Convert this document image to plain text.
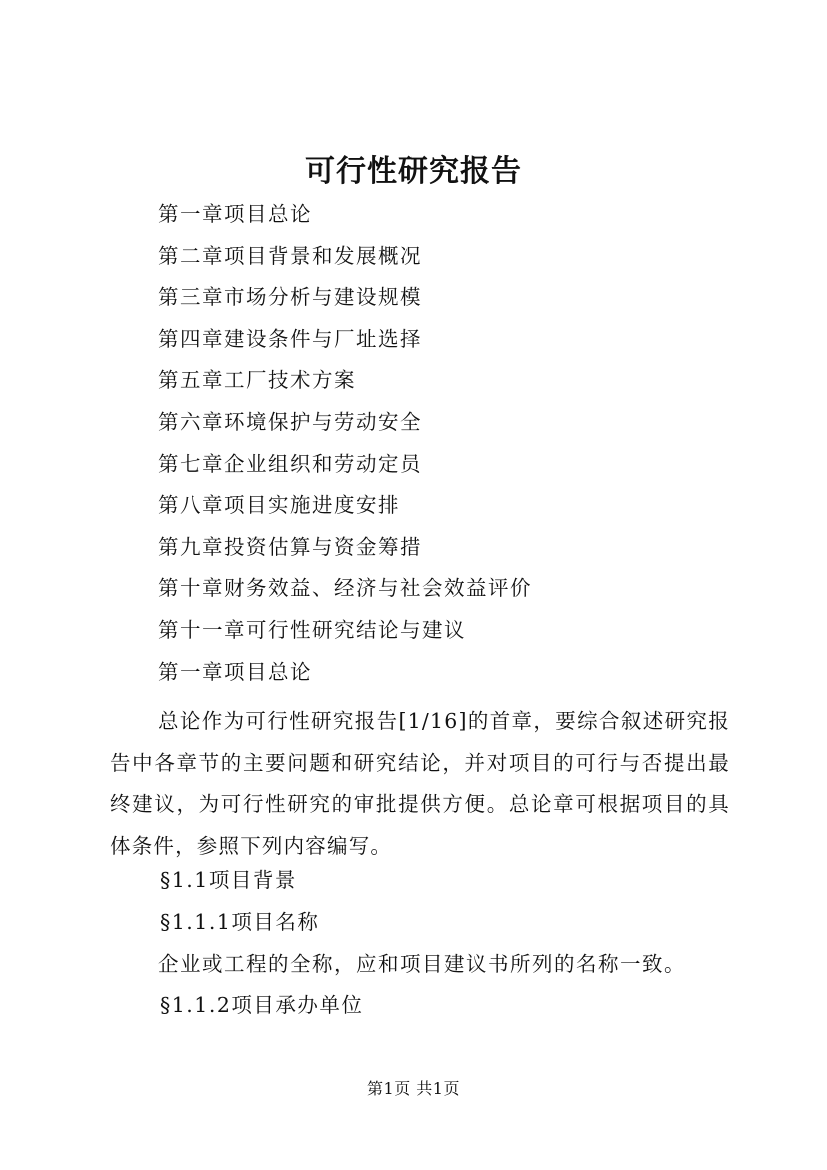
可行性研究报告
第一章项目总论
第二章项目背景和发展概况
第三章市场分析与建设规模
第四章建设条件与厂址选择
第五章工厂技术方案
第六章环境保护与劳动安全
第七章企业组织和劳动定员
第八章项目实施进度安排
第九章投资估算与资金筹措
第十章财务效益、经济与社会效益评价
第十一章可行性研究结论与建议
第一章项目总论

总论作为可行性研究报告[1/16]的首章，要综合叙述研究报告中各章节的主要问题和研究结论，并对项目的可行与否提出最终建议，为可行性研究的审批提供方便。总论章可根据项目的具体条件，参照下列内容编写。

§1.1项目背景
§1.1.1项目名称
企业或工程的全称，应和项目建议书所列的名称一致。
§1.1.2项目承办单位
第1页 共1页
